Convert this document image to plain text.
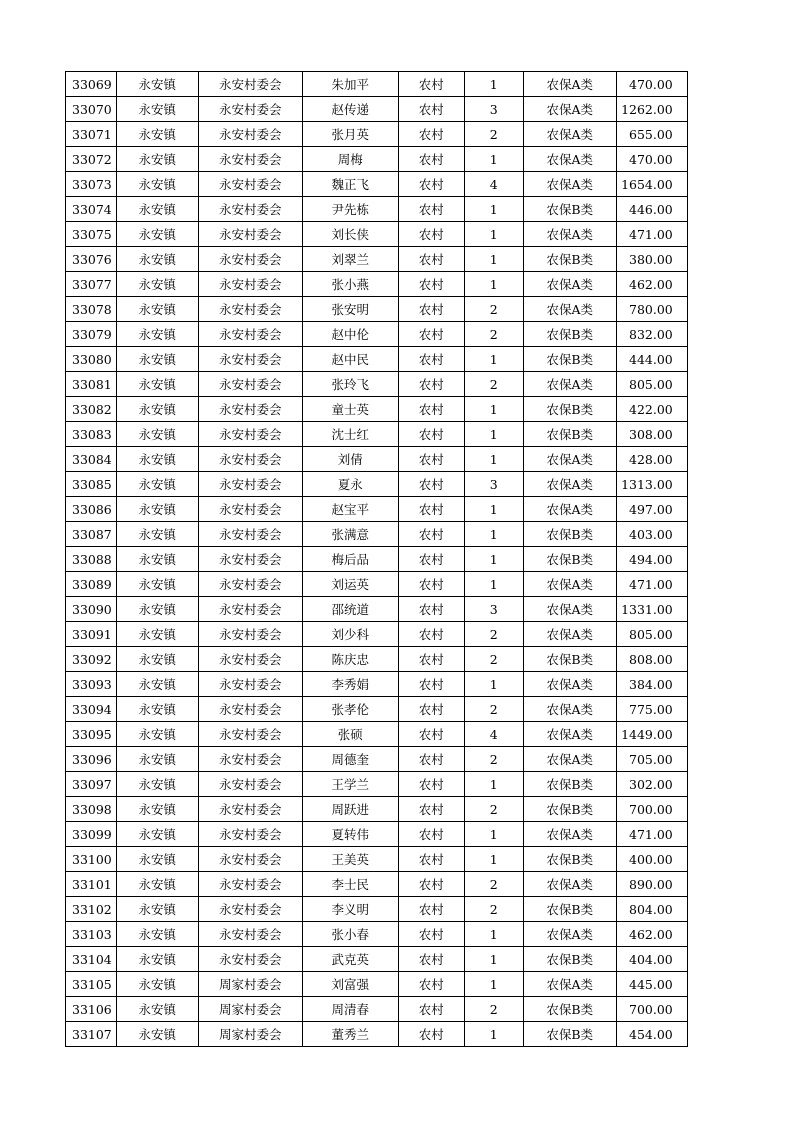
33069	永安镇	永安村委会	朱加平	农村	1	农保A类	470.00
33070	永安镇	永安村委会	赵传递	农村	3	农保A类	1262.00
33071	永安镇	永安村委会	张月英	农村	2	农保A类	655.00
33072	永安镇	永安村委会	周梅	农村	1	农保A类	470.00
33073	永安镇	永安村委会	魏正飞	农村	4	农保A类	1654.00
33074	永安镇	永安村委会	尹先栋	农村	1	农保B类	446.00
33075	永安镇	永安村委会	刘长侠	农村	1	农保A类	471.00
33076	永安镇	永安村委会	刘翠兰	农村	1	农保B类	380.00
33077	永安镇	永安村委会	张小燕	农村	1	农保A类	462.00
33078	永安镇	永安村委会	张安明	农村	2	农保A类	780.00
33079	永安镇	永安村委会	赵中伦	农村	2	农保B类	832.00
33080	永安镇	永安村委会	赵中民	农村	1	农保B类	444.00
33081	永安镇	永安村委会	张玲飞	农村	2	农保A类	805.00
33082	永安镇	永安村委会	童士英	农村	1	农保B类	422.00
33083	永安镇	永安村委会	沈士红	农村	1	农保B类	308.00
33084	永安镇	永安村委会	刘倩	农村	1	农保A类	428.00
33085	永安镇	永安村委会	夏永	农村	3	农保A类	1313.00
33086	永安镇	永安村委会	赵宝平	农村	1	农保A类	497.00
33087	永安镇	永安村委会	张满意	农村	1	农保B类	403.00
33088	永安镇	永安村委会	梅后品	农村	1	农保B类	494.00
33089	永安镇	永安村委会	刘运英	农村	1	农保A类	471.00
33090	永安镇	永安村委会	邵统道	农村	3	农保A类	1331.00
33091	永安镇	永安村委会	刘少科	农村	2	农保A类	805.00
33092	永安镇	永安村委会	陈庆忠	农村	2	农保B类	808.00
33093	永安镇	永安村委会	李秀娟	农村	1	农保A类	384.00
33094	永安镇	永安村委会	张孝伦	农村	2	农保A类	775.00
33095	永安镇	永安村委会	张硕	农村	4	农保A类	1449.00
33096	永安镇	永安村委会	周德奎	农村	2	农保A类	705.00
33097	永安镇	永安村委会	王学兰	农村	1	农保B类	302.00
33098	永安镇	永安村委会	周跃进	农村	2	农保B类	700.00
33099	永安镇	永安村委会	夏转伟	农村	1	农保A类	471.00
33100	永安镇	永安村委会	王美英	农村	1	农保B类	400.00
33101	永安镇	永安村委会	李士民	农村	2	农保A类	890.00
33102	永安镇	永安村委会	李义明	农村	2	农保B类	804.00
33103	永安镇	永安村委会	张小春	农村	1	农保A类	462.00
33104	永安镇	永安村委会	武克英	农村	1	农保B类	404.00
33105	永安镇	周家村委会	刘富强	农村	1	农保A类	445.00
33106	永安镇	周家村委会	周清春	农村	2	农保B类	700.00
33107	永安镇	周家村委会	董秀兰	农村	1	农保B类	454.00
